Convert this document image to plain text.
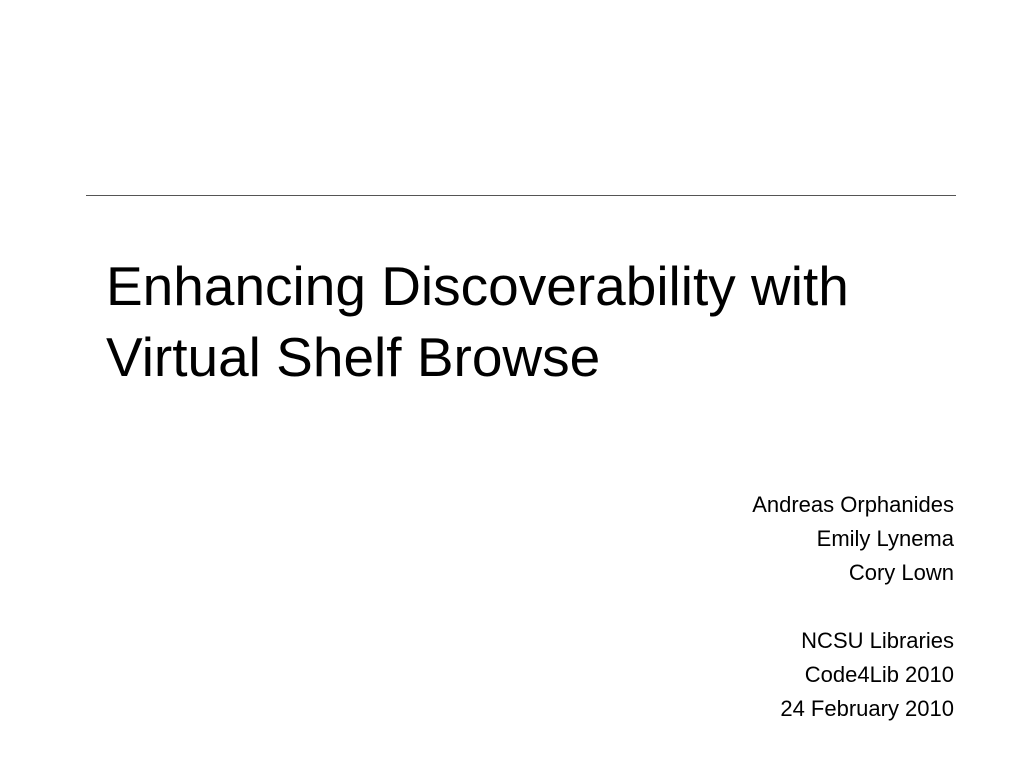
Enhancing Discoverability with
Virtual Shelf Browse
Andreas Orphanides
Emily Lynema
Cory Lown
NCSU Libraries
Code4Lib 2010
24 February 2010
